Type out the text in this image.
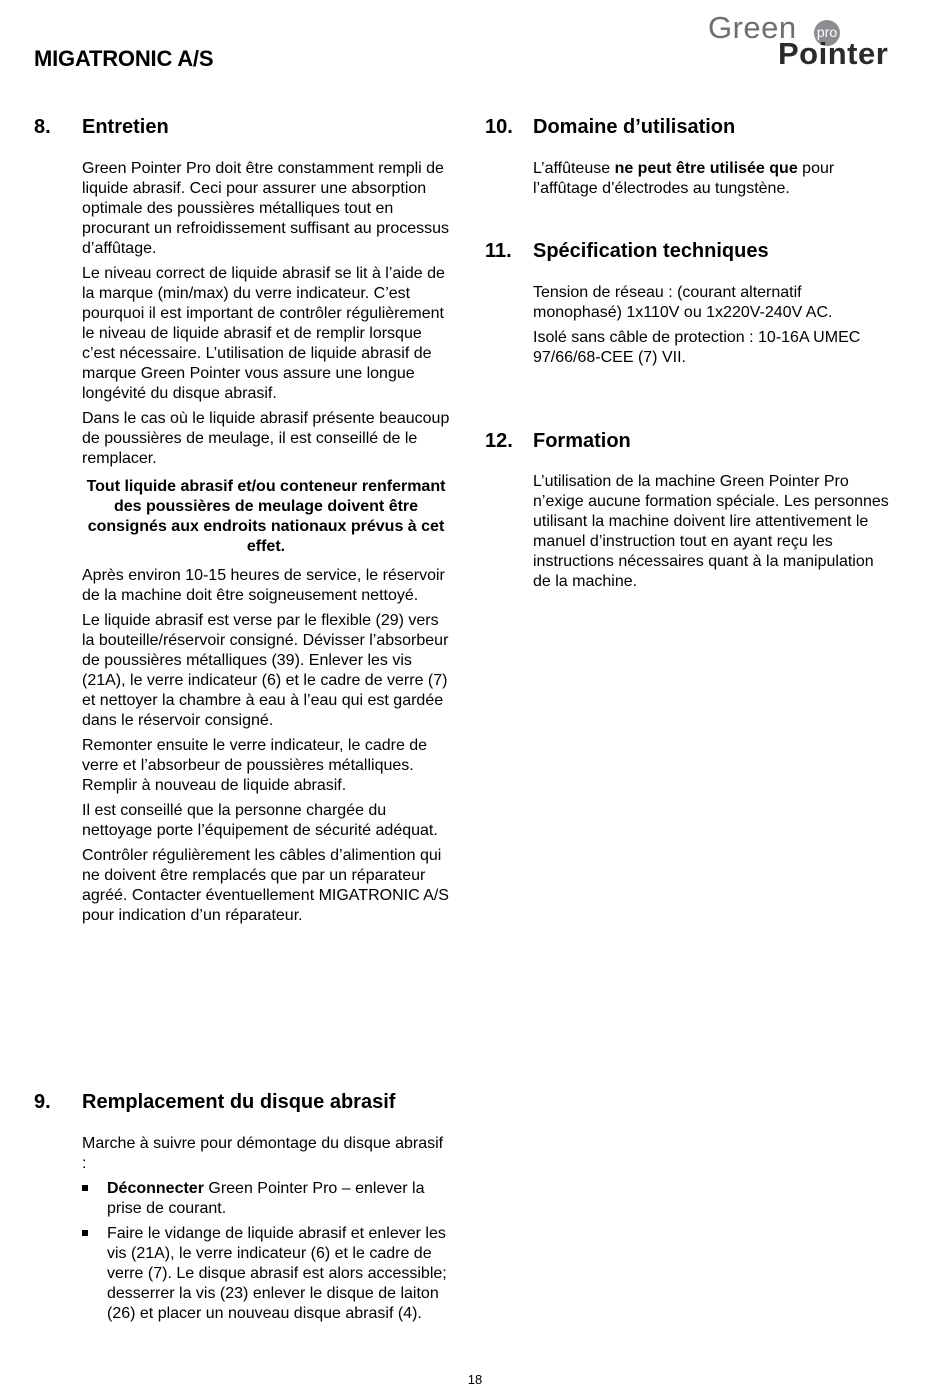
MIGATRONIC A/S
Green pro
Pointer
8. Entretien

Green Pointer Pro doit être constamment rempli de liquide abrasif. Ceci pour assurer une absorption optimale des poussières métalliques tout en procurant un refroidissement suffisant au processus d’affûtage.

Le niveau correct de liquide abrasif se lit à l’aide de la marque (min/max) du verre indicateur. C’est pourquoi il est important de contrôler régulièrement le niveau de liquide abrasif et de remplir lorsque c’est nécessaire. L’utilisation de liquide abrasif de marque Green Pointer vous assure une longue longévité du disque abrasif.

Dans le cas où le liquide abrasif présente beaucoup de poussières de meulage, il est conseillé de le remplacer.

Tout liquide abrasif et/ou conteneur renfermant des poussières de meulage doivent être consignés aux endroits nationaux prévus à cet effet.

Après environ 10-15 heures de service, le réservoir de la machine doit être soigneusement nettoyé.

Le liquide abrasif est verse par le flexible (29) vers la bouteille/réservoir consigné. Dévisser l’absorbeur de poussières métalliques (39). Enlever les vis (21A), le verre indicateur (6) et le cadre de verre (7) et nettoyer la chambre à eau à l’eau qui est gardée dans le réservoir consigné.

Remonter ensuite le verre indicateur, le cadre de verre et l’absorbeur de poussières métalliques. Remplir à nouveau de liquide abrasif.

Il est conseillé que la personne chargée du nettoyage porte l’équipement de sécurité adéquat.

Contrôler régulièrement les câbles d’alimention qui ne doivent être remplacés que par un réparateur agréé. Contacter éventuellement MIGATRONIC A/S pour indication d’un réparateur.

9. Remplacement du disque abrasif

Marche à suivre pour démontage du disque abrasif :

Déconnecter Green Pointer Pro – enlever la prise de courant.
Faire le vidange de liquide abrasif et enlever les vis (21A), le verre indicateur (6) et le cadre de verre (7). Le disque abrasif est alors accessible; desserrer la vis (23) enlever le disque de laiton (26) et placer un nouveau disque abrasif (4).
10. Domaine d’utilisation

L’affûteuse ne peut être utilisée que pour l’affûtage d’électrodes au tungstène.

11. Spécification techniques

Tension de réseau : (courant alternatif monophasé) 1x110V ou 1x220V-240V AC.

Isolé sans câble de protection : 10-16A UMEC 97/66/68-CEE (7) VII.

12. Formation

L’utilisation de la machine Green Pointer Pro n’exige aucune formation spéciale. Les personnes utilisant la machine doivent lire attentivement le manuel d’instruction tout en ayant reçu les instructions nécessaires quant à la manipulation de la machine.

18
